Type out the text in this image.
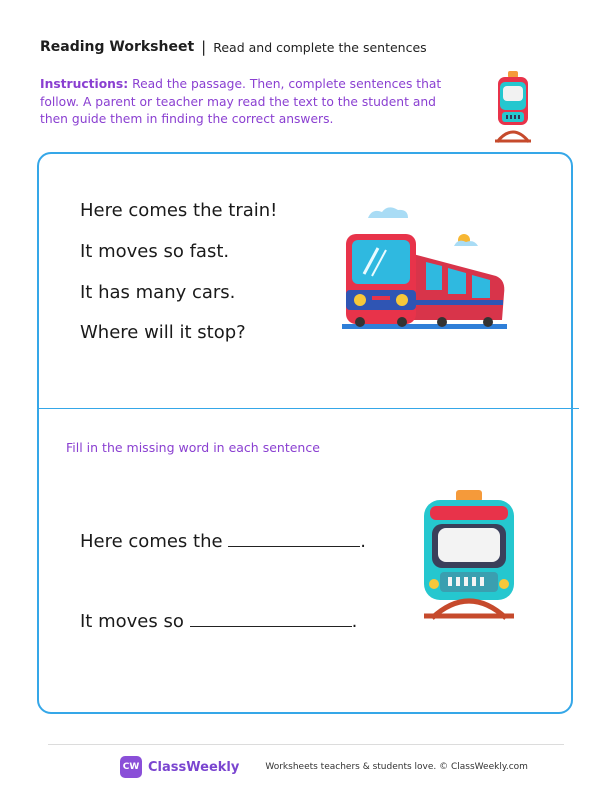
Reading Worksheet | Read and complete the sentences
Instructions: Read the passage. Then, complete sentences that follow. A parent or teacher may read the text to the student and then guide them in finding the correct answers.
Here comes the train!
It moves so fast.
It has many cars.
Where will it stop?
Fill in the missing word in each sentence
Here comes the	.
It moves so	.
CW ClassWeekly	Worksheets teachers & students love. © ClassWeekly.com
